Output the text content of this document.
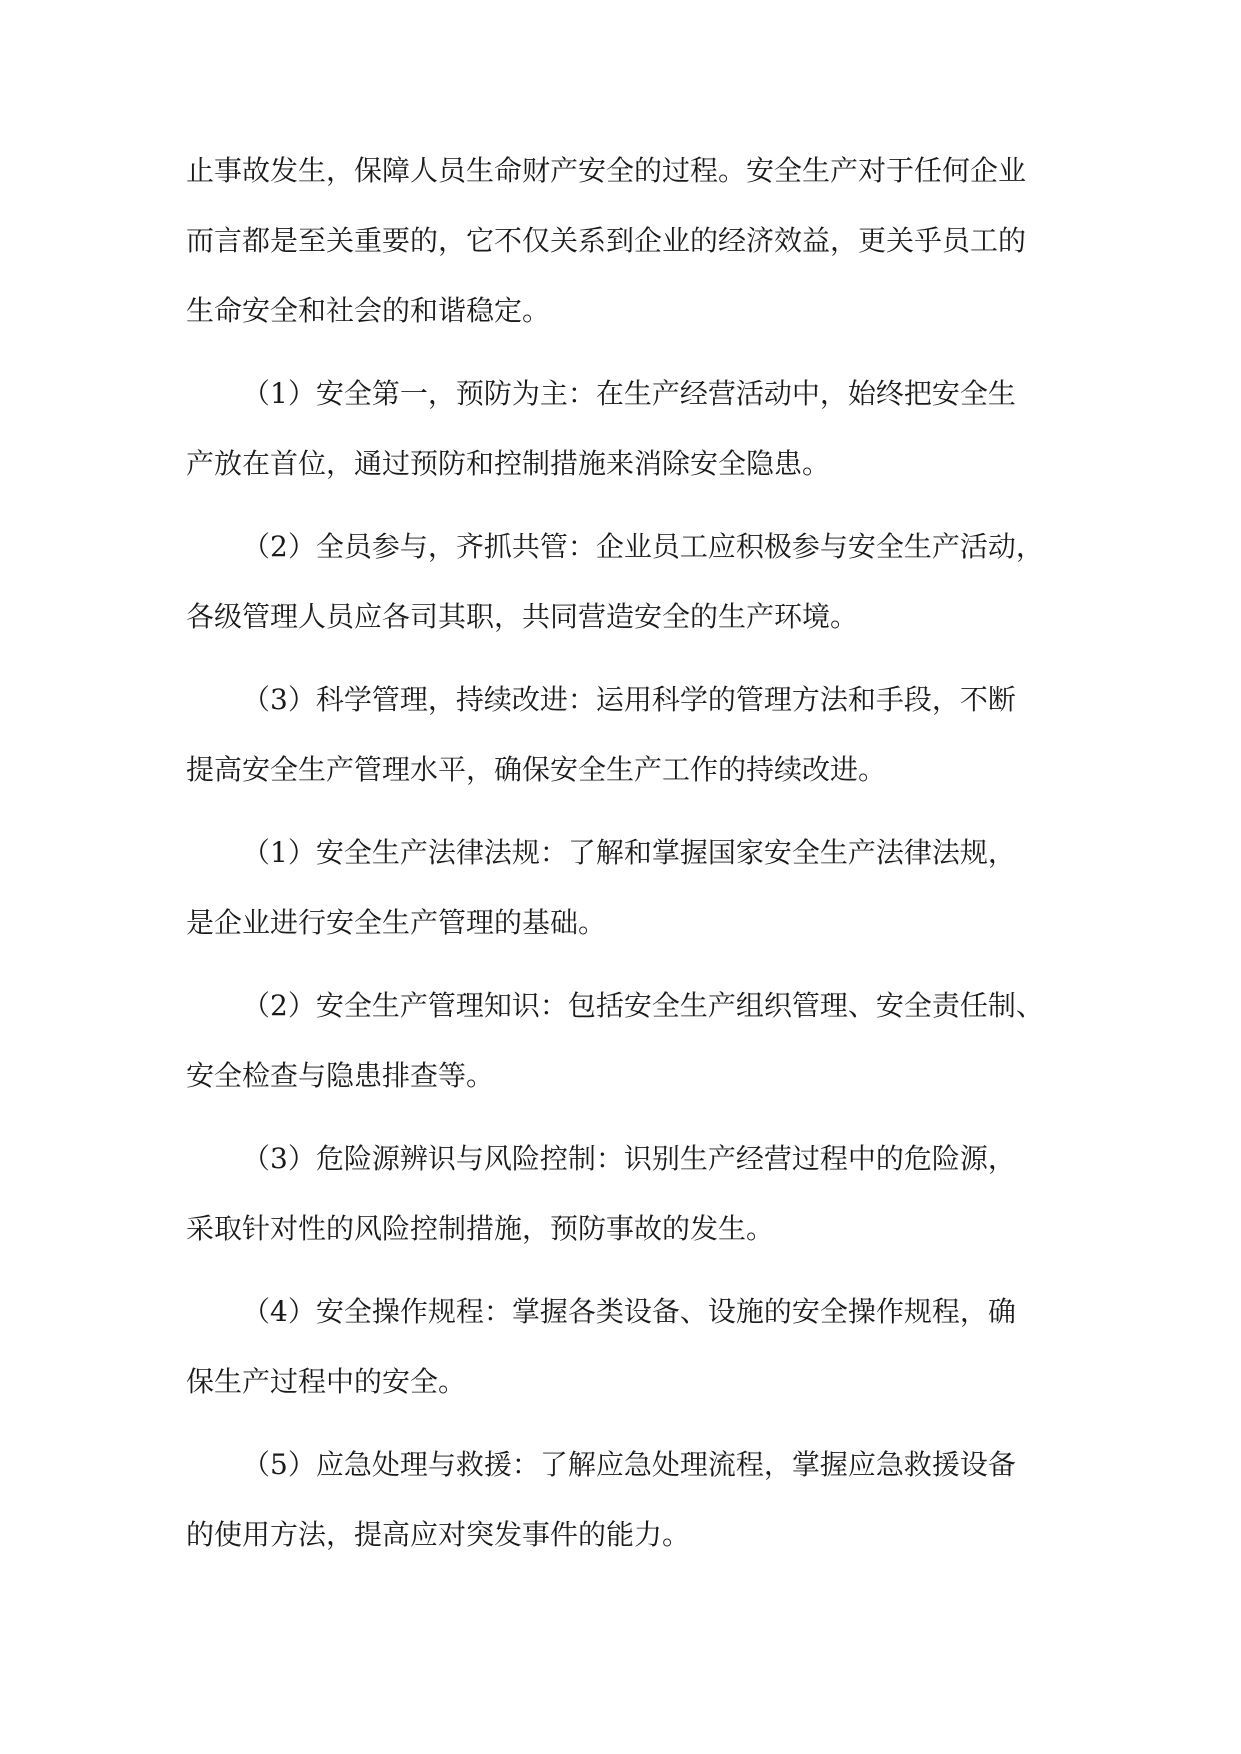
止事故发生，保障人员生命财产安全的过程。安全生产对于任何企业
而言都是至关重要的，它不仅关系到企业的经济效益，更关乎员工的
生命安全和社会的和谐稳定。
（1）安全第一，预防为主：在生产经营活动中，始终把安全生
产放在首位，通过预防和控制措施来消除安全隐患。
（2）全员参与，齐抓共管：企业员工应积极参与安全生产活动，
各级管理人员应各司其职，共同营造安全的生产环境。
（3）科学管理，持续改进：运用科学的管理方法和手段，不断
提高安全生产管理水平，确保安全生产工作的持续改进。
（1）安全生产法律法规：了解和掌握国家安全生产法律法规，
是企业进行安全生产管理的基础。
（2）安全生产管理知识：包括安全生产组织管理、安全责任制、
安全检查与隐患排查等。
（3）危险源辨识与风险控制：识别生产经营过程中的危险源，
采取针对性的风险控制措施，预防事故的发生。
（4）安全操作规程：掌握各类设备、设施的安全操作规程，确
保生产过程中的安全。
（5）应急处理与救援：了解应急处理流程，掌握应急救援设备
的使用方法，提高应对突发事件的能力。
